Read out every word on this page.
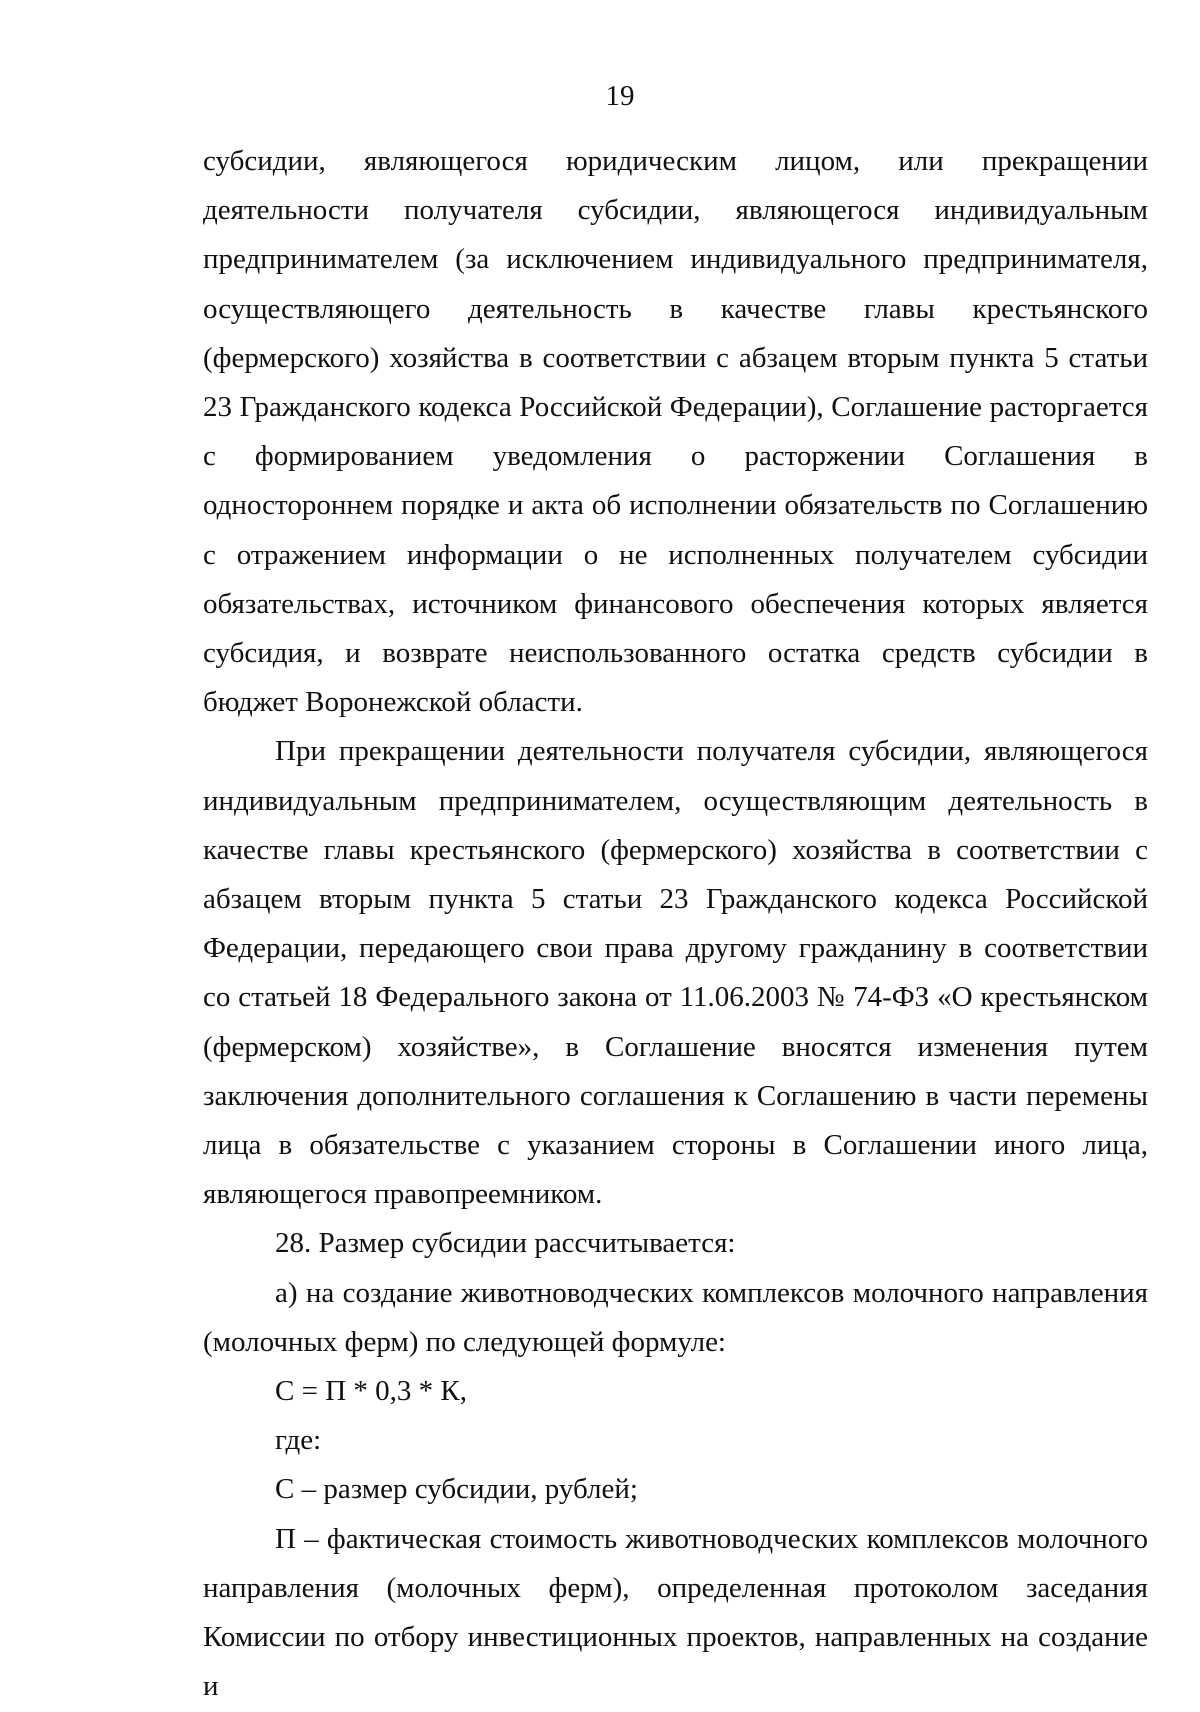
19

субсидии, являющегося юридическим лицом, или прекращении деятельности получателя субсидии, являющегося индивидуальным предпринимателем (за исключением индивидуального предпринимателя, осуществляющего деятельность в качестве главы крестьянского (фермерского) хозяйства в соответствии с абзацем вторым пункта 5 статьи 23 Гражданского кодекса Российской Федерации), Соглашение расторгается с формированием уведомления о расторжении Соглашения в одностороннем порядке и акта об исполнении обязательств по Соглашению с отражением информации о не исполненных получателем субсидии обязательствах, источником финансового обеспечения которых является субсидия, и возврате неиспользованного остатка средств субсидии в бюджет Воронежской области.

При прекращении деятельности получателя субсидии, являющегося индивидуальным предпринимателем, осуществляющим деятельность в качестве главы крестьянского (фермерского) хозяйства в соответствии с абзацем вторым пункта 5 статьи 23 Гражданского кодекса Российской Федерации, передающего свои права другому гражданину в соответствии со статьей 18 Федерального закона от 11.06.2003 № 74-ФЗ «О крестьянском (фермерском) хозяйстве», в Соглашение вносятся изменения путем заключения дополнительного соглашения к Соглашению в части перемены лица в обязательстве с указанием стороны в Соглашении иного лица, являющегося правопреемником.

28. Размер субсидии рассчитывается:

а) на создание животноводческих комплексов молочного направления (молочных ферм) по следующей формуле:

С = П * 0,3 * К,

где:

С – размер субсидии, рублей;

П – фактическая стоимость животноводческих комплексов молочного направления (молочных ферм), определенная протоколом заседания Комиссии по отбору инвестиционных проектов, направленных на создание и
